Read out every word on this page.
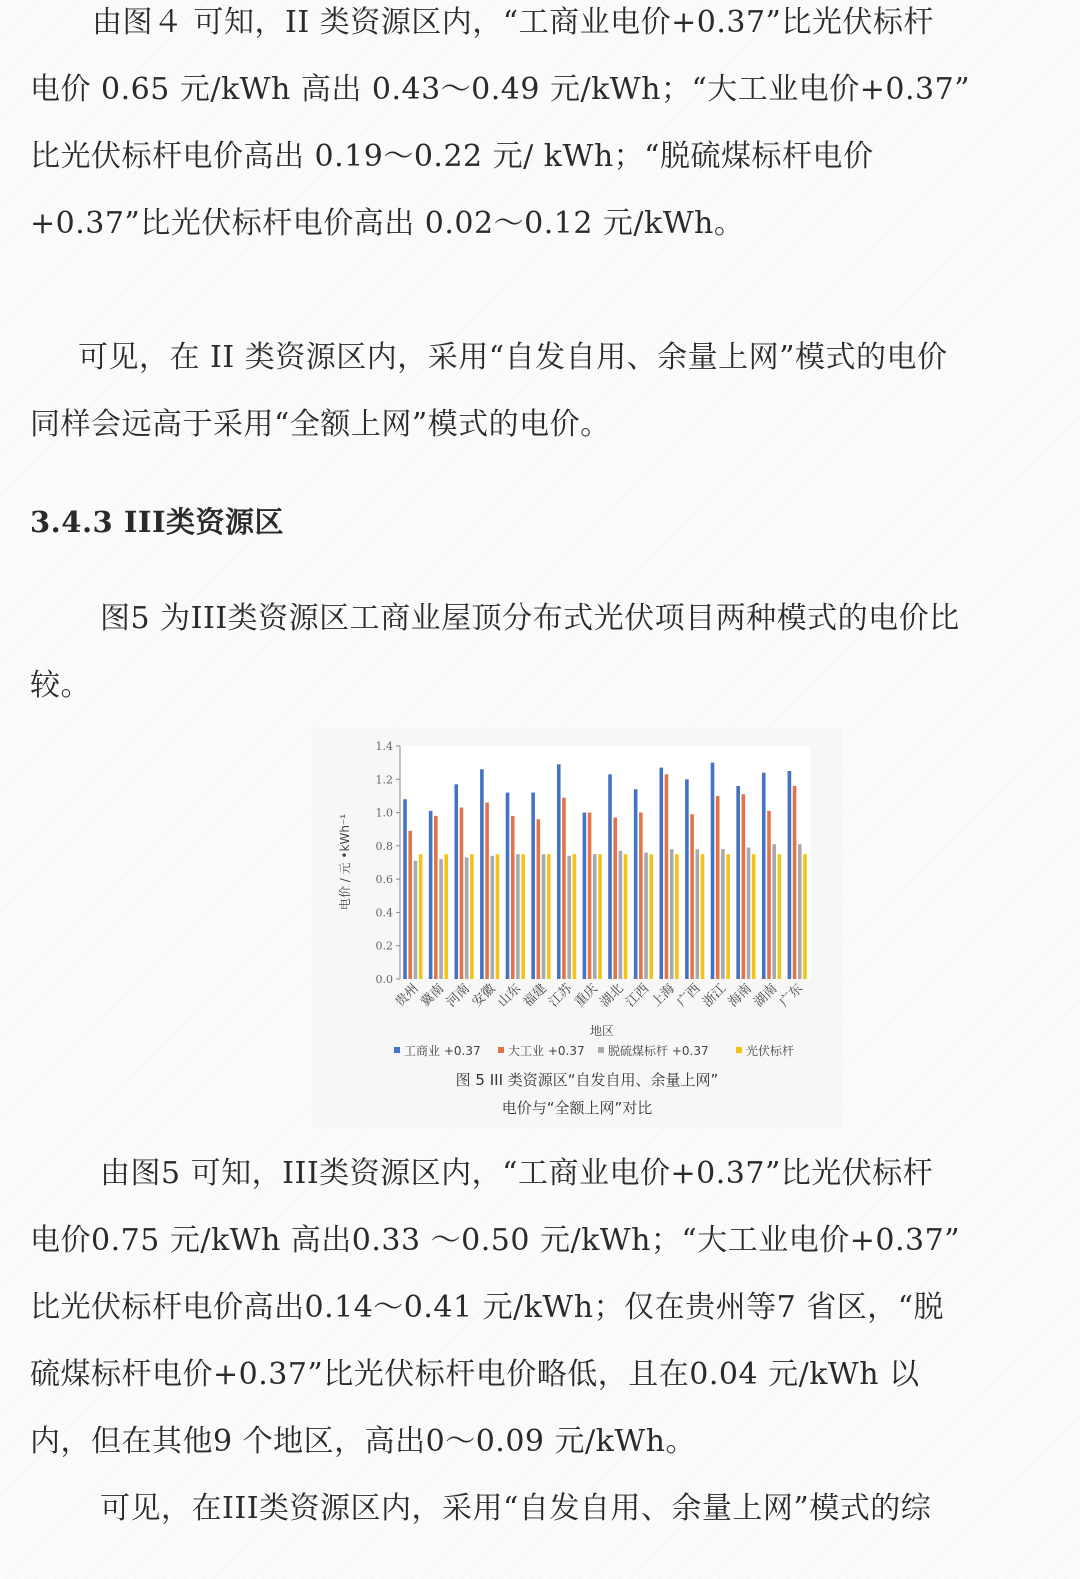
由图４ 可知，II 类资源区内，“工商业电价+0.37”比光伏标杆
电价 0.65 元/kWh 高出 0.43～0.49 元/kWh；“大工业电价+0.37”
比光伏标杆电价高出 0.19～0.22 元/ kWh；“脱硫煤标杆电价
+0.37”比光伏标杆电价高出 0.02～0.12 元/kWh。
可见，在 II 类资源区内，采用“自发自用、余量上网”模式的电价
同样会远高于采用“全额上网”模式的电价。
3.4.3 III类资源区
图5 为III类资源区工商业屋顶分布式光伏项目两种模式的电价比
较。
0.0
0.2
0.4
0.6
0.8
1.0
1.2
1.4
贵州
冀南
河南
安徽
山东
福建
江苏
重庆
湖北
江西
上海
广西
浙江
海南
湖南
广东
地区
电价 / 元 •kWh⁻¹
工商业 +0.37 大工业 +0.37 脱硫煤标杆 +0.37	光伏标杆
图 5 III 类资源区“自发自用、余量上网”
电价与“全额上网”对比
由图5 可知，III类资源区内，“工商业电价+0.37”比光伏标杆
电价0.75 元/kWh 高出0.33 ～0.50 元/kWh；“大工业电价+0.37”
比光伏标杆电价高出0.14～0.41 元/kWh；仅在贵州等7 省区，“脱
硫煤标杆电价+0.37”比光伏标杆电价略低，且在0.04 元/kWh 以
内，但在其他9 个地区，高出0～0.09 元/kWh。
可见，在III类资源区内，采用“自发自用、余量上网”模式的综
